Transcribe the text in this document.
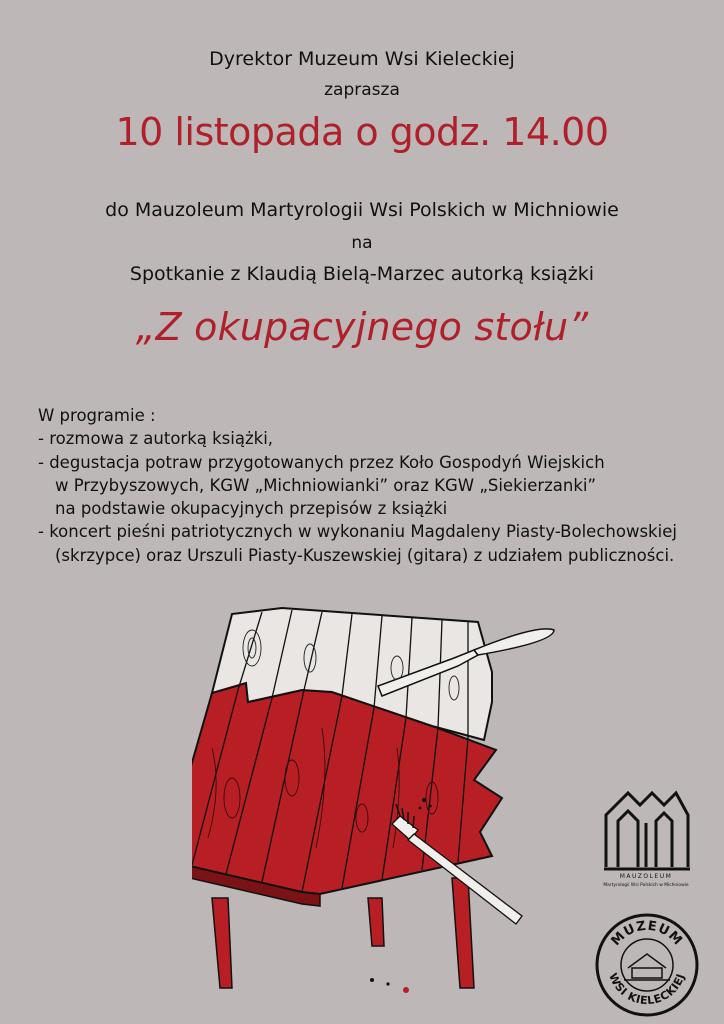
Dyrektor Muzeum Wsi Kieleckiej
zaprasza
10 listopada o godz. 14.00
do Mauzoleum Martyrologii Wsi Polskich w Michniowie
na
Spotkanie z Klaudią Bielą-Marzec autorką książki
„Z okupacyjnego stołu”
W programie :
- rozmowa z autorką książki,
- degustacja potraw przygotowanych przez Koło Gospodyń Wiejskich
w Przybyszowych, KGW „Michniowianki” oraz KGW „Siekierzanki”
na podstawie okupacyjnych przepisów z książki
- koncert pieśni patriotycznych w wykonaniu Magdaleny Piasty-Bolechowskiej
(skrzypce) oraz Urszuli Piasty-Kuszewskiej (gitara) z udziałem publiczności.
MAUZOLEUM
Martyrologii Wsi Polskich w Michniowie
MUZEUM
WSI KIELECKIEJ
